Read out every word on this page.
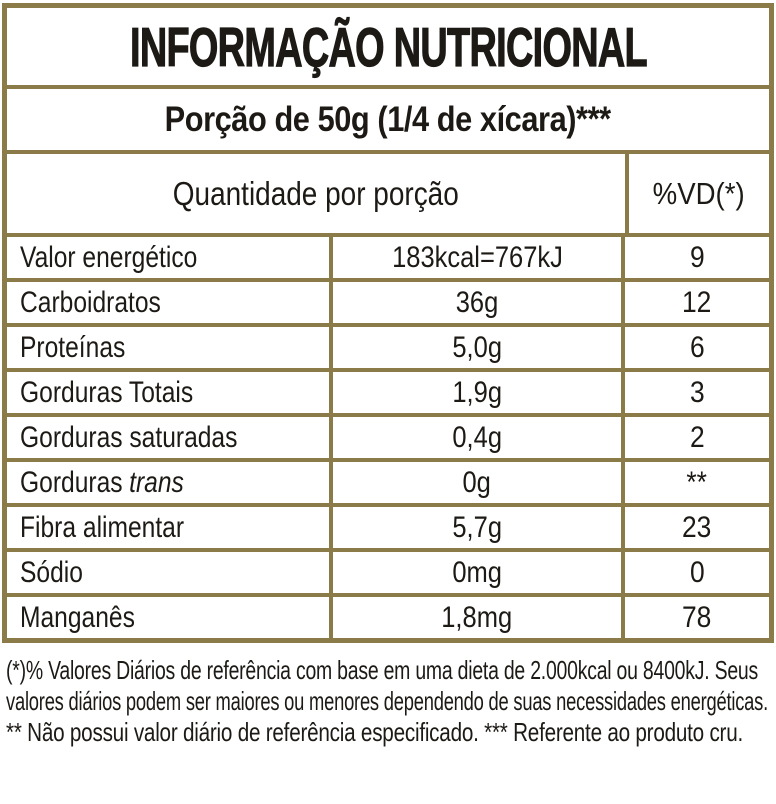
INFORMAÇÃO NUTRICIONAL
Porção de 50g (1/4 de xícara)***
Quantidade por porção	%VD(*)
Valor energético	183kcal=767kJ	9
Carboidratos	36g	12
Proteínas	5,0g	6
Gorduras Totais	1,9g	3
Gorduras saturadas	0,4g	2
Gorduras trans	0g	**
Fibra alimentar	5,7g	23
Sódio	0mg	0
Manganês	1,8mg	78
(*)% Valores Diários de referência com base em uma dieta de 2.000kcal ou 8400kJ. Seus
valores diários podem ser maiores ou menores dependendo de suas necessidades energéticas.
** Não possui valor diário de referência especificado. *** Referente ao produto cru.
